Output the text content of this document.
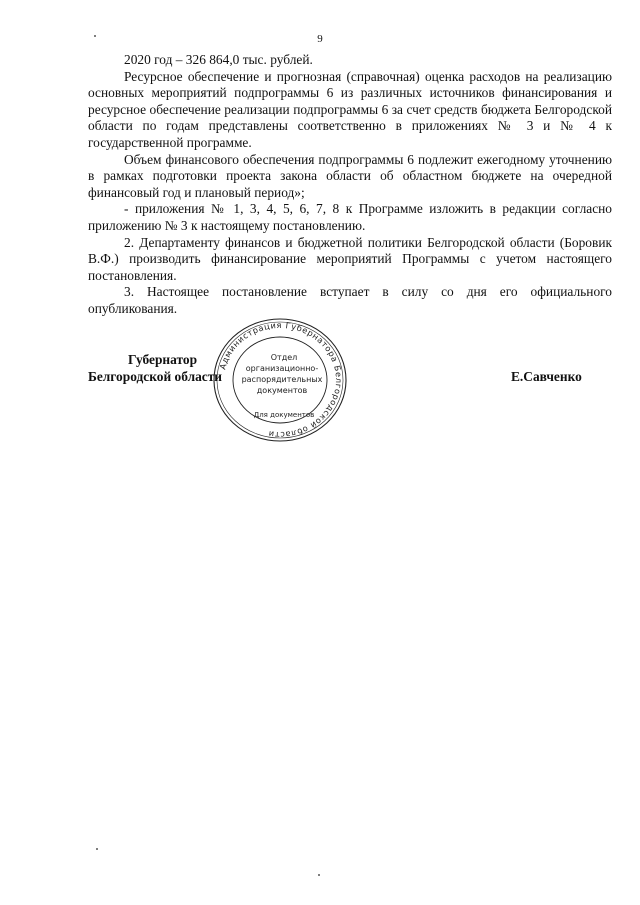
9

2020 год – 326 864,0 тыс. рублей.

Ресурсное обеспечение и прогнозная (справочная) оценка расходов на реализацию основных мероприятий подпрограммы 6 из различных источников финансирования и ресурсное обеспечение реализации подпрограммы 6 за счет средств бюджета Белгородской области по годам представлены соответственно в приложениях № 3 и № 4 к государственной программе.

Объем финансового обеспечения подпрограммы 6 подлежит ежегодному уточнению в рамках подготовки проекта закона области об областном бюджете на очередной финансовый год и плановый период»;

- приложения № 1, 3, 4, 5, 6, 7, 8 к Программе изложить в редакции согласно приложению № 3 к настоящему постановлению.

2. Департаменту финансов и бюджетной политики Белгородской области (Боровик В.Ф.) производить финансирование мероприятий Программы с учетом настоящего постановления.

3. Настоящее постановление вступает в силу со дня его официального опубликования.

Администрация Губернатора Белгородской области
Отдел
организационно-
распорядительных
документов
Для документов
Губернатор
Белгородской области	Е.Савченко
